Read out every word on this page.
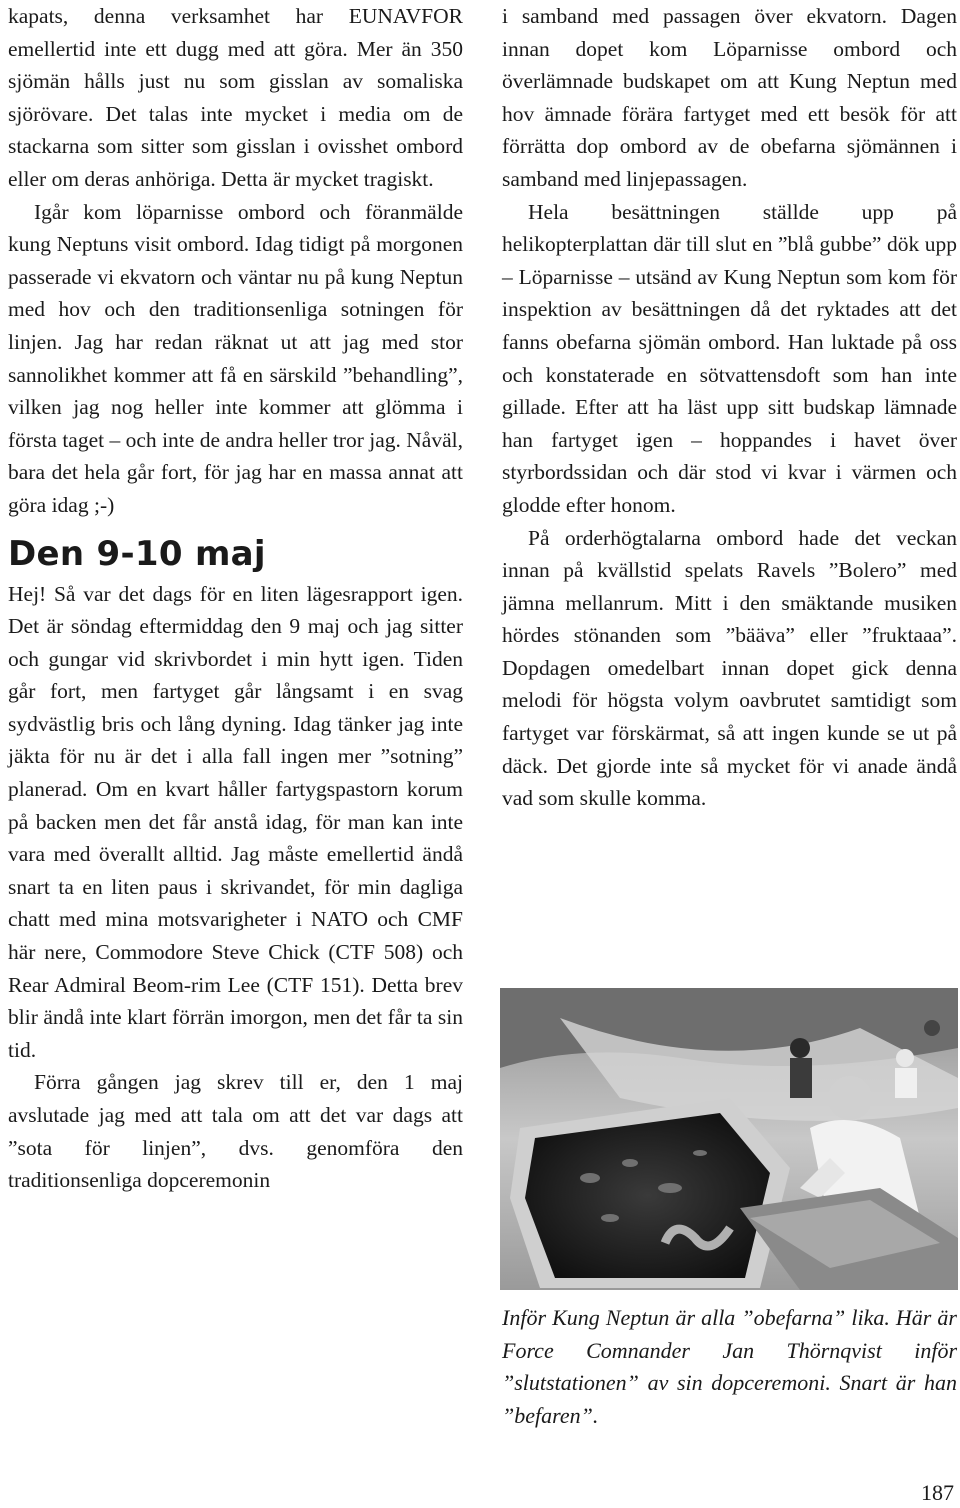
kapats, denna verksamhet har EUNAVFOR emellertid inte ett dugg med att göra. Mer än 350 sjömän hålls just nu som gisslan av somaliska sjörövare. Det talas inte mycket i media om de stackarna som sitter som gisslan i ovisshet ombord eller om deras anhöriga. Detta är mycket tragiskt.

Igår kom löparnisse ombord och föranmälde kung Neptuns visit ombord. Idag tidigt på morgonen passerade vi ekvatorn och väntar nu på kung Neptun med hov och den traditionsenliga sotningen för linjen. Jag har redan räknat ut att jag med stor sannolikhet kommer att få en särskild ”behandling”, vilken jag nog heller inte kommer att glömma i första taget – och inte de andra heller tror jag. Nåväl, bara det hela går fort, för jag har en massa annat att göra idag ;-)

Den 9-10 maj

Hej! Så var det dags för en liten lägesrapport igen. Det är söndag eftermiddag den 9 maj och jag sitter och gungar vid skrivbordet i min hytt igen. Tiden går fort, men fartyget går långsamt i en svag sydvästlig bris och lång dyning. Idag tänker jag inte jäkta för nu är det i alla fall ingen mer ”sotning” planerad. Om en kvart håller fartygspastorn korum på backen men det får anstå idag, för man kan inte vara med överallt alltid. Jag måste emellertid ändå snart ta en liten paus i skrivandet, för min dagliga chatt med mina motsvarigheter i NATO och CMF här nere, Commodore Steve Chick (CTF 508) och Rear Admiral Beom-rim Lee (CTF 151). Detta brev blir ändå inte klart förrän imorgon, men det får ta sin tid.

Förra gången jag skrev till er, den 1 maj avslutade jag med att tala om att det var dags att ”sota för linjen”, dvs. genomföra den traditionsenliga dopceremonin

i samband med passagen över ekvatorn. Dagen innan dopet kom Löparnisse ombord och överlämnade budskapet om att Kung Neptun med hov ämnade förära fartyget med ett besök för att förrätta dop ombord av de obefarna sjömännen i samband med linjepassagen.

Hela besättningen ställde upp på helikopterplattan där till slut en ”blå gubbe” dök upp – Löparnisse – utsänd av Kung Neptun som kom för inspektion av besättningen då det ryktades att det fanns obefarna sjömän ombord. Han luktade på oss och konstaterade en sötvattensdoft som han inte gillade. Efter att ha läst upp sitt budskap lämnade han fartyget igen – hoppandes i havet över styrbordssidan och där stod vi kvar i värmen och glodde efter honom.

På orderhögtalarna ombord hade det veckan innan på kvällstid spelats Ravels ”Bolero” med jämna mellanrum. Mitt i den smäktande musiken hördes stönanden som ”bääva” eller ”fruktaaa”. Dopdagen omedelbart innan dopet gick denna melodi för högsta volym oavbrutet samtidigt som fartyget var förskärmat, så att ingen kunde se ut på däck. Det gjorde inte så mycket för vi anade ändå vad som skulle komma.

Inför Kung Neptun är alla ”obefarna” lika. Här är Force Comnander Jan Thörnqvist inför ”slutstationen” av sin dopceremoni. Snart är han ”befaren”.
187
